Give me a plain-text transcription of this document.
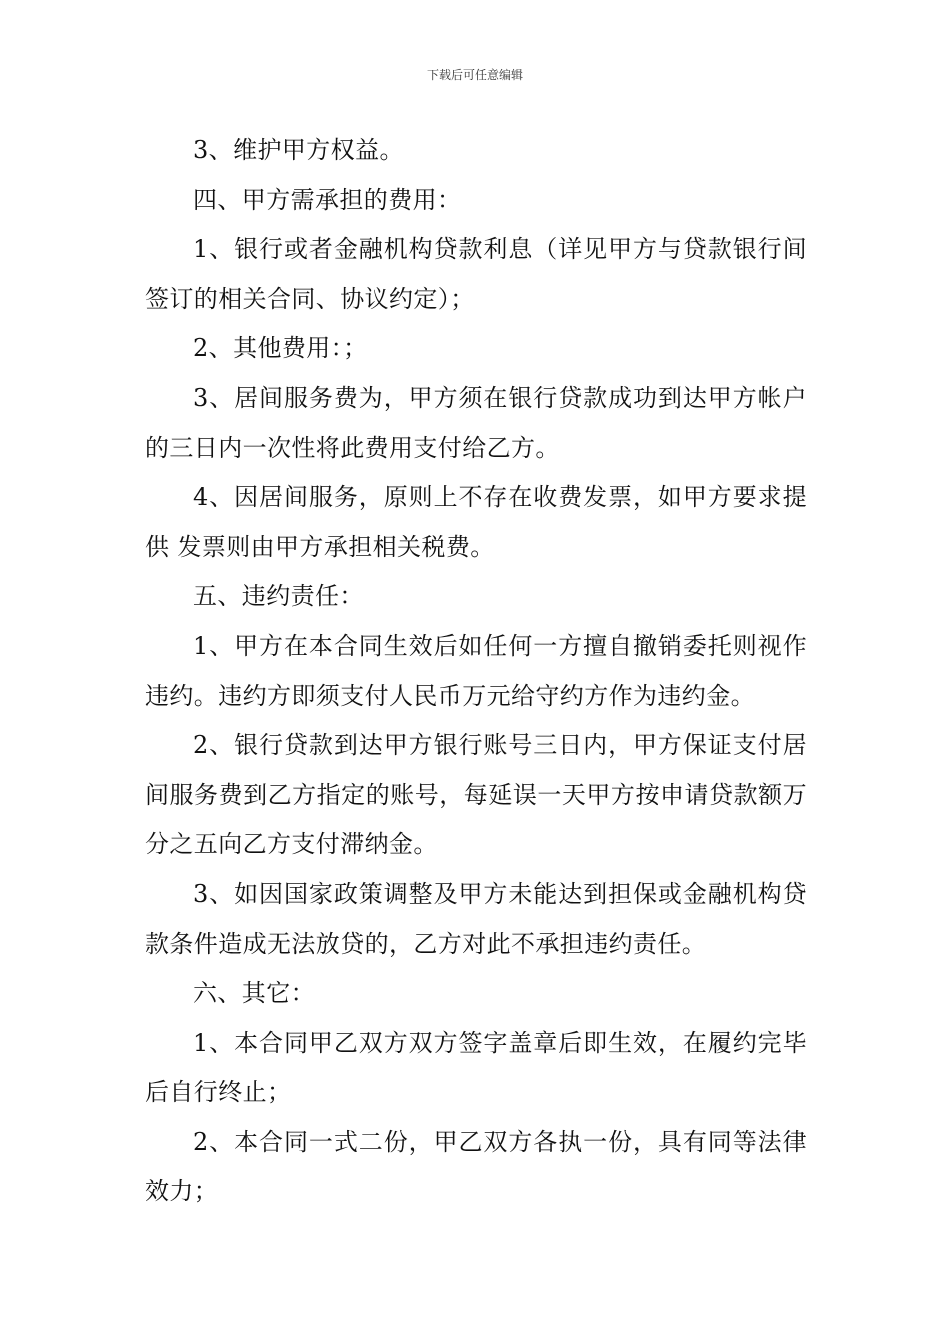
下载后可任意编辑

3、维护甲方权益。

四、甲方需承担的费用：

1、银行或者金融机构贷款利息（详见甲方与贷款银行间签订的相关合同、协议约定）；

2、其他费用：；

3、居间服务费为，甲方须在银行贷款成功到达甲方帐户的三日内一次性将此费用支付给乙方。

4、因居间服务，原则上不存在收费发票，如甲方要求提供 发票则由甲方承担相关税费。

五、违约责任：

1、甲方在本合同生效后如任何一方擅自撤销委托则视作违约。违约方即须支付人民币万元给守约方作为违约金。

2、银行贷款到达甲方银行账号三日内，甲方保证支付居间服务费到乙方指定的账号，每延误一天甲方按申请贷款额万分之五向乙方支付滞纳金。

3、如因国家政策调整及甲方未能达到担保或金融机构贷款条件造成无法放贷的，乙方对此不承担违约责任。

六、其它：

1、本合同甲乙双方双方签字盖章后即生效，在履约完毕后自行终止；

2、本合同一式二份，甲乙双方各执一份，具有同等法律效力；
